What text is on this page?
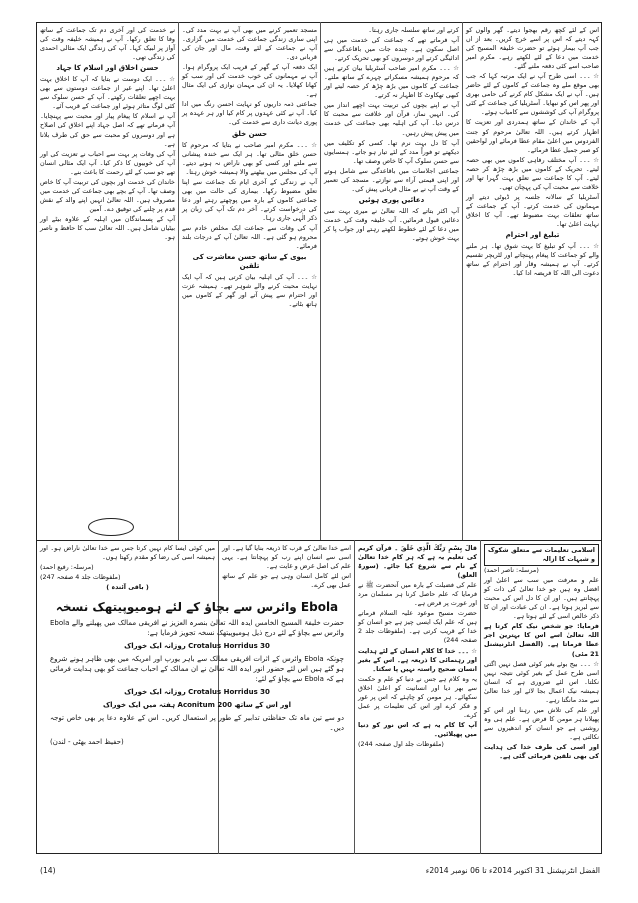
اس کے لئے کچھ رقم بھجوا دیتے۔ گھر والوں کو کہہ دیتے کہ اس پر اسے خرچ کریں۔ بعد از اں جب آپ بیمار ہوئے تو حضرت خلیفۃ المسیح کی خدمت میں دعا کے لئے لکھتے رہے۔ مکرم امیر صاحب اسے کئی دفعہ ملنے گئے۔

☆ ۔۔۔ اسی طرح آپ نے ایک مرتبہ کہا کہ جب بھی موقع ملے وہ جماعت کے کاموں کے لئے حاضر ہیں۔ آپ نے ایک مشکل کام کرنے کی حامی بھری اور پھر اس کو نبھایا۔ آسٹریلیا کی جماعت کے کئی پروگرام آپ کی کوششوں سے کامیاب ہوئے۔

آپ کے خاندان کے ساتھ ہمدردی اور تعزیت کا اظہار کرتے ہیں۔ اللہ تعالیٰ مرحوم کو جنت الفردوس میں اعلیٰ مقام عطا فرمائے اور لواحقین کو صبر جمیل عطا فرمائے۔

☆ ۔۔۔ آپ مختلف رفاہی کاموں میں بھی حصہ لیتے۔ تحریک کے کاموں میں بڑھ چڑھ کر حصہ لیتے۔ آپ کا جماعت سے تعلق بہت گہرا تھا اور خلافت سے محبت آپ کی پہچان تھی۔

آسٹریلیا کے سالانہ جلسہ پر ڈیوٹی دیتے اور مہمانوں کی خدمت کرتے۔ آپ کے جماعت کے ساتھ تعلقات بہت مضبوط تھے۔ آپ کا اخلاق نہایت اعلیٰ تھا۔

تبلیغ اور احترام

☆ ۔۔۔ آپ کو تبلیغ کا بہت شوق تھا۔ ہر ملنے والے کو جماعت کا پیغام پہنچاتے اور لٹریچر تقسیم کرتے۔ آپ نے ہمیشہ وقار اور احترام کے ساتھ دعوت الی اللہ کا فریضہ ادا کیا۔

کرتے اور ساتھ سلسلہ جاری رہتا۔

آپ فرماتے تھے کہ جماعت کی خدمت میں ہی اصل سکون ہے۔ چندہ جات میں باقاعدگی سے ادائیگی کرتے اور دوسروں کو بھی تحریک کرتے۔

☆ ۔۔۔ مکرم امیر صاحب آسٹریلیا بیان کرتے ہیں کہ مرحوم ہمیشہ مسکراتے چہرے کے ساتھ ملتے۔ جماعت کے کاموں میں بڑھ چڑھ کر حصہ لیتے اور کبھی تھکاوٹ کا اظہار نہ کرتے۔

آپ نے اپنے بچوں کی تربیت بہت اچھے انداز میں کی۔ انہیں نماز، قرآن اور خلافت سے محبت کا درس دیا۔ آپ کی اہلیہ بھی جماعت کی خدمت میں پیش پیش رہیں۔

آپ کا دل بہت نرم تھا۔ کسی کو تکلیف میں دیکھتے تو فوراً مدد کے لئے تیار ہو جاتے۔ ہمسایوں سے حسن سلوک آپ کا خاص وصف تھا۔

جماعتی اجلاسات میں باقاعدگی سے شامل ہوتے اور اپنی قیمتی آراء سے نوازتے۔ مسجد کی تعمیر کے وقت آپ نے بے مثال قربانی پیش کی۔

دعائیں پوری ہوئیں

آپ اکثر بتاتے کہ اللہ تعالیٰ نے میری بہت سی دعائیں قبول فرمائیں۔ آپ خلیفہ وقت کی خدمت میں دعا کے لئے خطوط لکھتے رہتے اور جواب پا کر بہت خوش ہوتے۔

مسجد تعمیر کرنے میں بھی آپ نے بہت مدد کی۔ اپنی ساری زندگی جماعت کی خدمت میں گزاری۔ آپ نے جماعت کے لئے وقت، مال اور جان کی قربانی دی۔

ایک دفعہ آپ کے گھر کے قریب ایک پروگرام ہوا۔ آپ نے مہمانوں کی خوب خدمت کی اور سب کو کھانا کھلایا۔ یہ ان کی مہمان نوازی کی ایک مثال ہے۔

جماعتی ذمہ داریوں کو نہایت احسن رنگ میں ادا کیا۔ آپ نے کئی عہدوں پر کام کیا اور ہر عہدہ پر پوری دیانت داری سے خدمت کی۔

حسن خلق

☆ ۔۔۔ مکرم امیر صاحب نے بتایا کہ مرحوم کا حسن خلق مثالی تھا۔ ہر ایک سے خندہ پیشانی سے ملتے اور کسی کو بھی ناراض نہ ہونے دیتے۔ آپ کی مجلس میں بیٹھنے والا ہمیشہ خوش رہتا۔

آپ نے زندگی کے آخری ایام تک جماعت سے اپنا تعلق مضبوط رکھا۔ بیماری کی حالت میں بھی جماعتی کاموں کے بارہ میں پوچھتے رہتے اور دعا کی درخواست کرتے۔ آخر دم تک آپ کی زبان پر ذکر الٰہی جاری رہا۔

آپ کی وفات سے جماعت ایک مخلص خادم سے محروم ہو گئی ہے۔ اللہ تعالیٰ آپ کے درجات بلند فرمائے۔

بیوی کے ساتھ حسن معاشرت کی تلقین

☆ ۔۔۔ آپ کی اہلیہ بیان کرتی ہیں کہ آپ ایک نہایت محبت کرنے والے شوہر تھے۔ ہمیشہ عزت اور احترام سے پیش آتے اور گھر کے کاموں میں ہاتھ بٹاتے۔

نے خدمت کی اور آخری دم تک جماعت کے ساتھ وفا کا تعلق رکھا۔ آپ نے ہمیشہ خلیفہ وقت کی آواز پر لبیک کہا۔ آپ کی زندگی ایک مثالی احمدی کی زندگی تھی۔

حسن اخلاق اور اسلام کا جہاد

☆ ۔۔۔ ایک دوست نے بتایا کہ آپ کا اخلاق بہت اعلیٰ تھا۔ اپنے غیر از جماعت دوستوں سے بھی بہت اچھے تعلقات رکھتے۔ آپ کے حسن سلوک سے کئی لوگ متاثر ہوئے اور جماعت کے قریب آئے۔

آپ نے اسلام کا پیغام پیار اور محبت سے پہنچایا۔ آپ فرماتے تھے کہ اصل جہاد اپنے اخلاق کی اصلاح ہے اور دوسروں کو محبت سے حق کی طرف بلانا ہے۔

آپ کی وفات پر بہت سے احباب نے تعزیت کی اور آپ کی خوبیوں کا ذکر کیا۔ آپ ایک مثالی انسان تھے جو سب کے لئے رحمت کا باعث بنے۔

خاندان کی خدمت اور بچوں کی تربیت آپ کا خاص وصف تھا۔ آپ کے بچے بھی جماعت کی خدمت میں مصروف ہیں۔ اللہ تعالیٰ انہیں اپنے والد کے نقش قدم پر چلنے کی توفیق دے۔ آمین

آپ کے پسماندگان میں اہلیہ کے علاوہ بیٹے اور بیٹیاں شامل ہیں۔ اللہ تعالیٰ سب کا حافظ و ناصر ہو۔

اسلامی تعلیمات سے متعلق شکوک و شبہات کا ازالہ

(مرسلہ: ناصر احمد)

علم و معرفت میں سب سے اعلیٰ اور افضل وہ ہیں جو خدا تعالیٰ کی ذات کو پہچانتے ہیں۔ اور ان کا دل اس کی محبت سے لبریز ہوتا ہے۔ ان کی عبادت اور ان کا ذکر خالص اسی کے لئے ہوتا ہے۔

فرمایا: جو شخص نیک کام کرتا ہے اللہ تعالیٰ اسے اس کا بہترین اجر عطا فرماتا ہے۔ (الفضل انٹرنیشنل 21 مئی)

☆ ۔۔۔ بیج بوئے بغیر کوئی فصل نہیں اگتی اسی طرح عمل کے بغیر کوئی نتیجہ نہیں نکلتا۔ اس لئے ضروری ہے کہ انسان ہمیشہ نیک اعمال بجا لائے اور خدا تعالیٰ سے مدد مانگتا رہے۔

اور علم کی تلاش میں رہنا اور اس کو پھیلانا ہر مومن کا فرض ہے۔ علم ہی وہ روشنی ہے جو انسان کو اندھیروں سے نکالتی ہے۔

اور اسی کی طرف خدا کی ہدایت کی بھی تلقین فرمائی گئی ہے۔

قالَ بِسْمِ رَبِّكَ الَّذِي خَلَقَ ۔ قرآن کریم کی تعلیم یہ ہے کہ ہر کام خدا تعالیٰ کے نام سے شروع کیا جائے۔ (سورۃ العلق)

علم کی فضیلت کے بارہ میں آنحضرت ﷺ نے فرمایا کہ علم حاصل کرنا ہر مسلمان مرد اور عورت پر فرض ہے۔

حضرت مسیح موعود علیہ السلام فرماتے ہیں کہ علم ایک ایسی چیز ہے جو انسان کو خدا کے قریب کرتی ہے۔ (ملفوظات جلد 2 صفحہ 244)

☆ ۔۔۔ خدا کا کلام انسان کے لئے ہدایت اور رہنمائی کا ذریعہ ہے۔ اس کے بغیر انسان صحیح راستہ نہیں پا سکتا۔

یہ وہ کلام ہے جس نے دنیا کو علم و حکمت سے بھر دیا اور انسانیت کو اعلیٰ اخلاق سکھائے۔ ہر مومن کو چاہئے کہ اس پر غور و فکر کرے اور اس کی تعلیمات پر عمل کرے۔

آپ کا کام یہ ہے کہ اس نور کو دنیا میں پھیلائیں۔

(ملفوظات جلد اول صفحہ 244)

اسے خدا تعالیٰ کے قرب کا ذریعہ بنایا گیا ہے۔ اور اسی سے انسان اپنے رب کو پہچانتا ہے۔ یہی علم کی اصل غرض و غایت ہے۔

اس لئے کامل انسان وہی ہے جو علم کے ساتھ عمل بھی کرے۔

میں کوئی ایسا کام نہیں کرتا جس سے خدا تعالیٰ ناراض ہو۔ اور ہمیشہ اسی کی رضا کو مقدم رکھتا ہوں۔

(مرسلہ: رفیع احمد)

(ملفوظات جلد 4 صفحہ 247)

( باقی آئندہ )

Ebola وائرس سے بچاؤ کے لئے ہومیوپیتھک نسخہ

حضرت خلیفۃ المسیح الخامس ایدہ اللہ تعالیٰ بنصرہ العزیز نے افریقی ممالک میں پھیلنے والے Ebola وائرس سے بچاؤ کے لئے درج ذیل ہومیوپیتھک نسخہ تجویز فرمایا ہے:

Crotalus Horridus 30 روزانہ ایک خوراک

چونکہ Ebola وائرس کے اثرات افریقی ممالک سے باہر یورپ اور امریکہ میں بھی ظاہر ہونے شروع ہو گئے ہیں اس لئے حضور انور ایدہ اللہ تعالیٰ نے ان ممالک کے احباب جماعت کو بھی ہدایت فرمائی ہے کہ Ebola سے بچاؤ کے لئے:

Crotalus Horridus 30 روزانہ ایک خوراک

اور اس کے ساتھ Aconitum 200 ہفتہ میں ایک خوراک

دو سے تین ماہ تک حفاظتی تدابیر کے طور پر استعمال کریں۔ اس کے علاوہ دعا پر بھی خاص توجہ دیں۔

(حفیظ احمد بھٹی - لندن)

(14)	الفضل انٹرنیشنل 31 اکتوبر 2014ء تا 06 نومبر 2014ء
